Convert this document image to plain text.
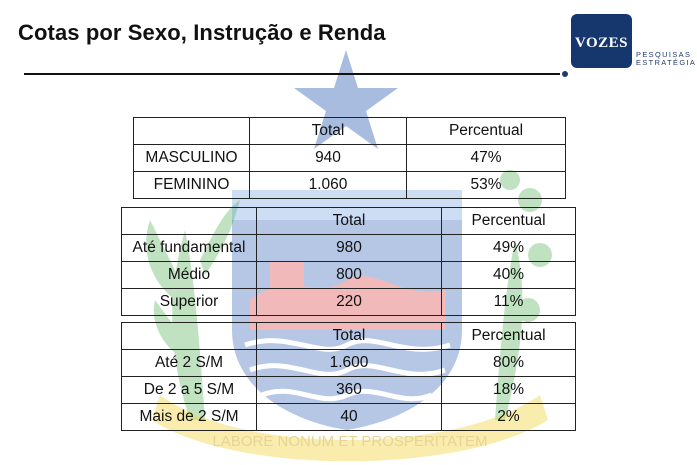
LABORE NONUM ET PROSPERITATEM
Cotas por Sexo, Instrução e Renda	VOZES
PESQUISAS
ESTRATÉGIA
	Total	Percentual
MASCULINO	940	47%
FEMININO	1.060	53%
	Total	Percentual
Até fundamental	980	49%
Médio	800	40%
Superior	220	11%
	Total	Percentual
Até 2 S/M	1.600	80%
De 2 a 5 S/M	360	18%
Mais de 2 S/M	40	2%
